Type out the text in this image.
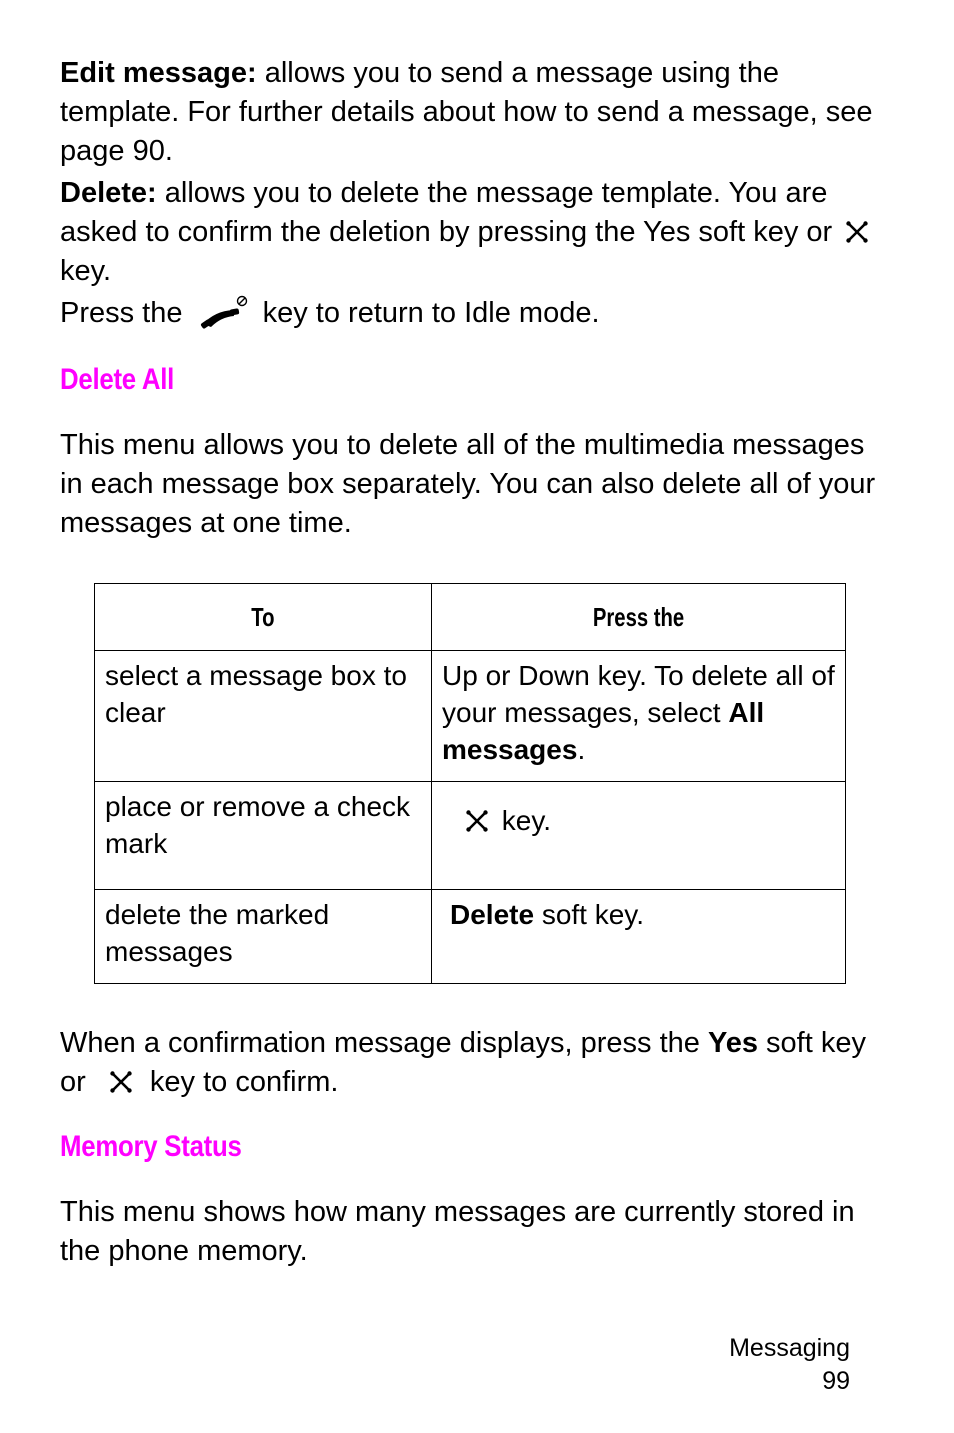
Edit message: allows you to send a message using the template. For further details about how to send a message, see page 90.

Delete: allows you to delete the message template. You are asked to confirm the deletion by pressing the Yes soft key or  key.

Press the  key to return to Idle mode.

Delete All

This menu allows you to delete all of the multimedia messages in each message box separately. You can also delete all of your messages at one time.

To	Press the
select a message box to clear	Up or Down key. To delete all of your messages, select All messages.
place or remove a check mark	key.
delete the marked messages	Delete soft key.

When a confirmation message displays, press the Yes soft key or  key to confirm.

Memory Status

This menu shows how many messages are currently stored in the phone memory.

Messaging
99
